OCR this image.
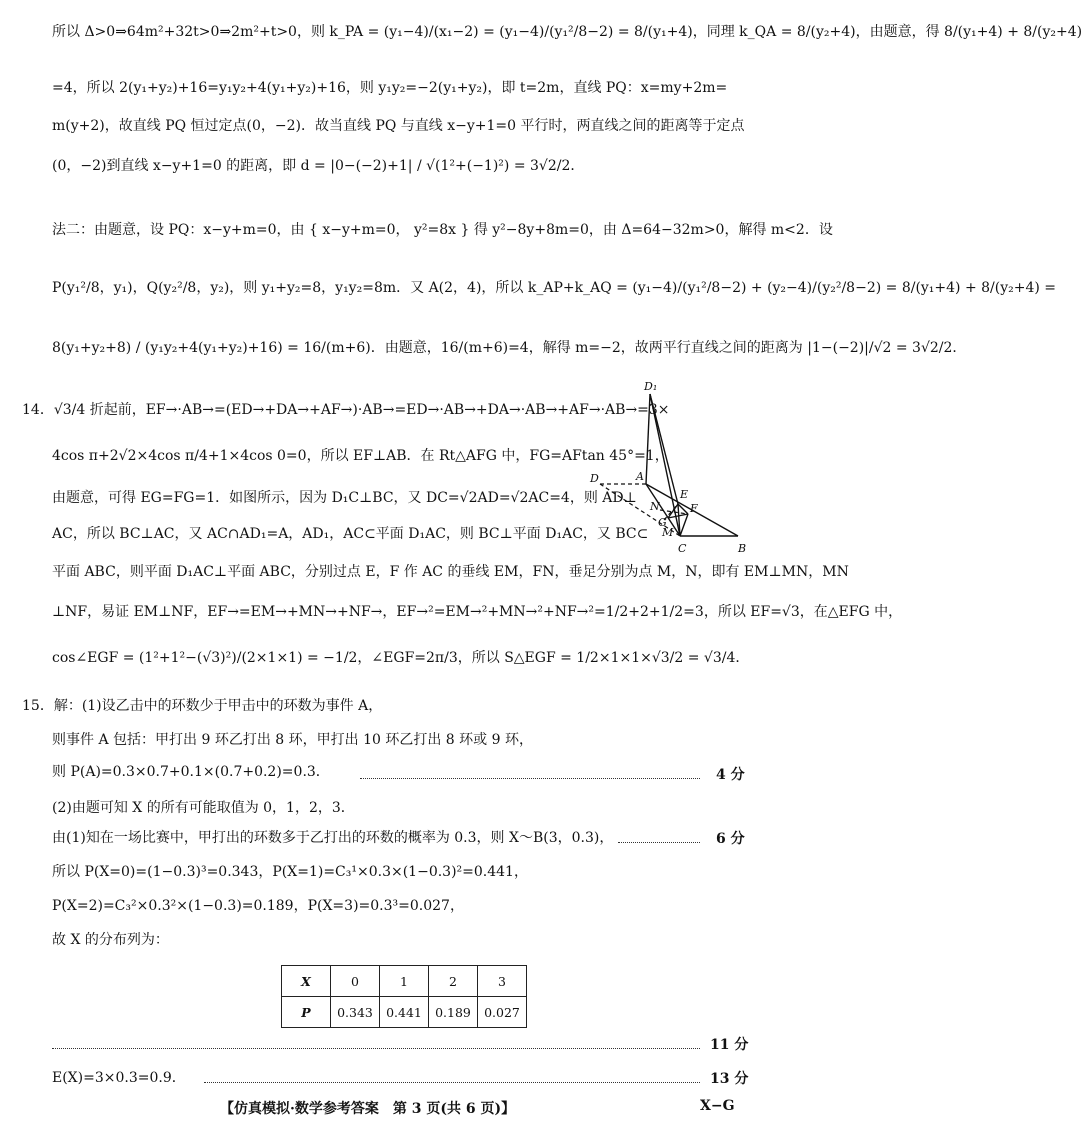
所以 Δ>0⇒64m²+32t>0⇒2m²+t>0，则 k_PA = (y₁−4)/(x₁−2) = (y₁−4)/(y₁²/8−2) = 8/(y₁+4)，同理 k_QA = 8/(y₂+4)，由题意，得 8/(y₁+4) + 8/(y₂+4)
=4，所以 2(y₁+y₂)+16=y₁y₂+4(y₁+y₂)+16，则 y₁y₂=−2(y₁+y₂)，即 t=2m，直线 PQ：x=my+2m=
m(y+2)，故直线 PQ 恒过定点(0，−2)．故当直线 PQ 与直线 x−y+1=0 平行时，两直线之间的距离等于定点
(0，−2)到直线 x−y+1=0 的距离，即 d = |0−(−2)+1| / √(1²+(−1)²) = 3√2/2．
法二：由题意，设 PQ：x−y+m=0，由 { x−y+m=0， y²=8x } 得 y²−8y+8m=0，由 Δ=64−32m>0，解得 m<2．设
P(y₁²/8，y₁)，Q(y₂²/8，y₂)，则 y₁+y₂=8，y₁y₂=8m．又 A(2，4)，所以 k_AP+k_AQ = (y₁−4)/(y₁²/8−2) + (y₂−4)/(y₂²/8−2) = 8/(y₁+4) + 8/(y₂+4) =
8(y₁+y₂+8) / (y₁y₂+4(y₁+y₂)+16) = 16/(m+6)．由题意，16/(m+6)=4，解得 m=−2，故两平行直线之间的距离为 |1−(−2)|/√2 = 3√2/2．
14．√3/4 折起前，EF→·AB→=(ED→+DA→+AF→)·AB→=ED→·AB→+DA→·AB→+AF→·AB→=3×
4cos π+2√2×4cos π/4+1×4cos 0=0，所以 EF⊥AB．在 Rt△AFG 中，FG=AFtan 45°=1，
由题意，可得 EG=FG=1．如图所示，因为 D₁C⊥BC，又 DC=√2AD=√2AC=4，则 AD⊥
AC，所以 BC⊥AC，又 AC∩AD₁=A，AD₁，AC⊂平面 D₁AC，则 BC⊥平面 D₁AC，又 BC⊂
平面 ABC，则平面 D₁AC⊥平面 ABC，分别过点 E，F 作 AC 的垂线 EM，FN，垂足分别为点 M，N，即有 EM⊥MN，MN
⊥NF，易证 EM⊥NF，EF→=EM→+MN→+NF→，EF→²=EM→²+MN→²+NF→²=1/2+2+1/2=3，所以 EF=√3，在△EFG 中，
cos∠EGF = (1²+1²−(√3)²)/(2×1×1) = −1/2，∠EGF=2π/3，所以 S△EGF = 1/2×1×1×√3/2 = √3/4．
15．解：(1)设乙击中的环数少于甲击中的环数为事件 A，
则事件 A 包括：甲打出 9 环乙打出 8 环，甲打出 10 环乙打出 8 环或 9 环，
则 P(A)=0.3×0.7+0.1×(0.7+0.2)=0.3．	4 分
(2)由题可知 X 的所有可能取值为 0，1，2，3．
由(1)知在一场比赛中，甲打出的环数多于乙打出的环数的概率为 0.3，则 X～B(3，0.3)，	6 分
所以 P(X=0)=(1−0.3)³=0.343，P(X=1)=C₃¹×0.3×(1−0.3)²=0.441，
P(X=2)=C₃²×0.3²×(1−0.3)=0.189，P(X=3)=0.3³=0.027，
故 X 的分布列为：
X	0	1	2	3
P	0.343	0.441	0.189	0.027
11 分
E(X)=3×0.3=0.9．	13 分
D₁
D	A
E
F
N
G
M
C	B
【仿真模拟·数学参考答案　第 3 页(共 6 页)】	X−G
